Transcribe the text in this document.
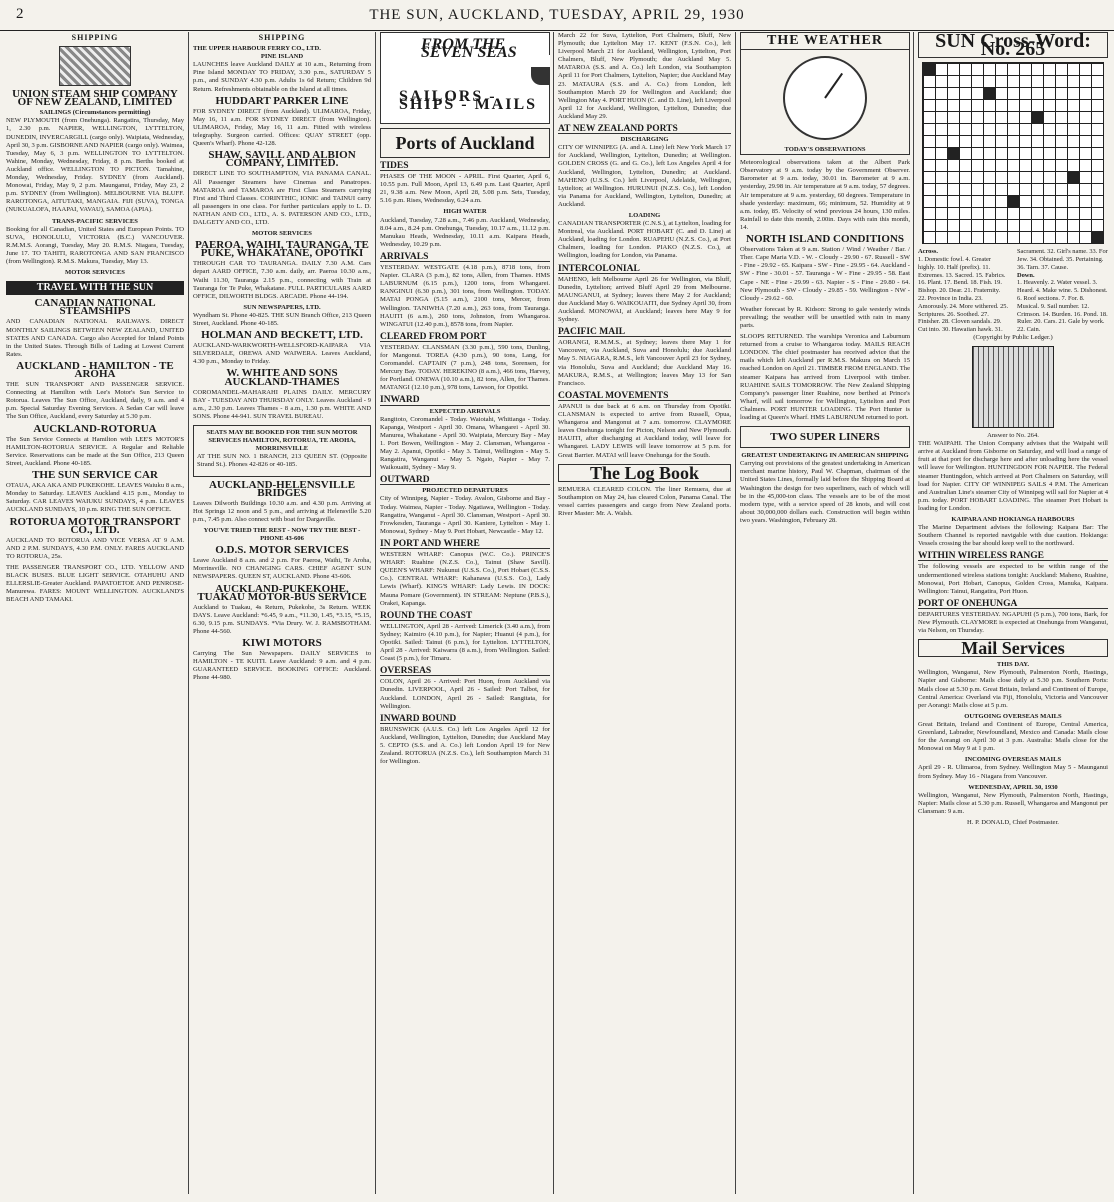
2	THE SUN, AUCKLAND, TUESDAY, APRIL 29, 1930
SHIPPING
UNION STEAM SHIP COMPANY OF NEW ZEALAND, LIMITED
SAILINGS (Circumstances permitting)

NEW PLYMOUTH (from Onehunga). Rangatira, Thursday, May 1, 2.30 p.m. NAPIER, WELLINGTON, LYTTELTON, DUNEDIN, INVERCARGILL (cargo only). Waipiata, Wednesday, April 30, 3 p.m. GISBORNE AND NAPIER (cargo only). Waimea, Tuesday, May 6, 3 p.m. WELLINGTON TO LYTTELTON. Wahine, Monday, Wednesday, Friday, 8 p.m. Berths booked at Auckland office. WELLINGTON TO PICTON. Tamahine, Monday, Wednesday, Friday. SYDNEY (from Auckland). Monowai, Friday, May 9, 2 p.m. Maunganui, Friday, May 23, 2 p.m. SYDNEY (from Wellington). MELBOURNE VIA BLUFF. RAROTONGA, AITUTAKI, MANGAIA. FIJI (SUVA), TONGA (NUKUALOFA, HAAPAI, VAVAU), SAMOA (APIA).

TRANS-PACIFIC SERVICES

Booking for all Canadian, United States and European Points. TO SUVA, HONOLULU, VICTORIA (B.C.) VANCOUVER. R.M.M.S. Aorangi, Tuesday, May 20. R.M.S. Niagara, Tuesday, June 17. TO TAHITI, RAROTONGA AND SAN FRANCISCO (from Wellington). R.M.S. Makura, Tuesday, May 13.

MOTOR SERVICES
TRAVEL WITH THE SUN
CANADIAN NATIONAL STEAMSHIPS

AND CANADIAN NATIONAL RAILWAYS. DIRECT MONTHLY SAILINGS BETWEEN NEW ZEALAND, UNITED STATES AND CANADA. Cargo also Accepted for Inland Points in the United States. Through Bills of Lading at Lowest Current Rates.

AUCKLAND - HAMILTON - TE AROHA

THE SUN TRANSPORT AND PASSENGER SERVICE. Connecting at Hamilton with Lee's Motor's Sun Service to Rotorua. Leaves The Sun Office, Auckland, daily, 9 a.m. and 4 p.m. Special Saturday Evening Services. A Sedan Car will leave The Sun Office, Auckland, every Saturday at 5.30 p.m.

AUCKLAND-ROTORUA

The Sun Service Connects at Hamilton with LEE'S MOTOR'S HAMILTON-ROTORUA SERVICE. A Regular and Reliable Service. Reservations can be made at the Sun Office, 213 Queen Street, Auckland. Phone 40-185.

THE SUN SERVICE CAR

OTAUA, AKA AKA AND PUKEKOHE. LEAVES Waiuku 8 a.m., Monday to Saturday. LEAVES Auckland 4.15 p.m., Monday to Saturday. CAR LEAVES WAIUKU SUNDAYS, 4 p.m. LEAVES AUCKLAND SUNDAYS, 10 p.m. RING THE SUN OFFICE.

ROTORUA MOTOR TRANSPORT CO., LTD.

AUCKLAND TO ROTORUA AND VICE VERSA AT 9 A.M. AND 2 P.M. SUNDAYS, 4.30 P.M. ONLY. FARES AUCKLAND TO ROTORUA, 25s.

THE PASSENGER TRANSPORT CO., LTD. YELLOW AND BLACK BUSES. BLUE LIGHT SERVICE. OTAHUHU AND ELLERSLIE-Greater Auckland. PAPATOETOE AND PENROSE-Manurewa. FARES: MOUNT WELLINGTON. AUCKLAND'S BEACH AND TAMAKI.

SHIPPING
THE UPPER HARBOUR FERRY CO., LTD.
PINE ISLAND

LAUNCHES leave Auckland DAILY at 10 a.m., Returning from Pine Island MONDAY TO FRIDAY, 3.30 p.m., SATURDAY 5 p.m., and SUNDAY 4.30 p.m. Adults 1s 6d Return; Children 9d Return. Refreshments obtainable on the Island at all times.

HUDDART PARKER LINE

FOR SYDNEY DIRECT (from Auckland). ULIMAROA, Friday, May 16, 11 a.m. FOR SYDNEY DIRECT (from Wellington). ULIMAROA, Friday, May 16, 11 a.m. Fitted with wireless telegraphy. Surgeon carried. Offices: QUAY STREET (opp. Queen's Wharf). Phone 42-128.

SHAW, SAVILL AND ALBION COMPANY, LIMITED.

DIRECT LINE TO SOUTHAMPTON, VIA PANAMA CANAL. All Passenger Steamers have Cinemas and Panatropes. MATAROA and TAMAROA are First Class Steamers carrying First and Third Classes. CORINTHIC, IONIC and TAINUI carry all passengers in one class. For further particulars apply to L. D. NATHAN AND CO., LTD., A. S. PATERSON AND CO., LTD., DALGETY AND CO., LTD.

MOTOR SERVICES
PAEROA, WAIHI, TAURANGA, TE PUKE, WHAKATANE, OPOTIKI

THROUGH CAR TO TAURANGA. DAILY 7.30 A.M. Cars depart AARD OFFICE, 7.30 a.m. daily, arr. Paeroa 10.30 a.m., Waihi 11.30, Tauranga 2.15 p.m., connecting with Train at Tauranga for Te Puke, Whakatane. FULL PARTICULARS AARD OFFICE, DILWORTH BLDGS. ARCADE. Phone 44-194.

SUN NEWSPAPERS, LTD.

Wyndham St. Phone 40-825. THE SUN Branch Office, 213 Queen Street, Auckland. Phone 40-185.

HOLMAN AND BECKETT, LTD.

AUCKLAND-WARKWORTH-WELLSFORD-KAIPARA VIA SILVERDALE, OREWA AND WAIWERA. Leaves Auckland, 4.30 p.m., Monday to Friday.

W. WHITE AND SONS AUCKLAND-THAMES

COROMANDEL-MAHARAHI PLAINS DAILY. MERCURY BAY - TUESDAY AND THURSDAY ONLY. Leaves Auckland - 9 a.m., 2.30 p.m. Leaves Thames - 8 a.m., 1.30 p.m. WHITE AND SONS. Phone 44-941. SUN TRAVEL BUREAU.

SEATS MAY BE BOOKED FOR THE SUN MOTOR SERVICES HAMILTON, ROTORUA, TE AROHA, MORRINSVILLE

AT THE SUN NO. 1 BRANCH, 213 QUEEN ST. (Opposite Strand St.). Phones 42-826 or 40-185.

AUCKLAND-HELENSVILLE BRIDGES

Leaves Dilworth Buildings 10.30 a.m. and 4.30 p.m. Arriving at Hot Springs 12 noon and 5 p.m., and arriving at Helensville 5.20 p.m., 7.45 p.m. Also connect with boat for Dargaville.

YOU'VE TRIED THE REST - NOW TRY THE BEST - PHONE 43-606
O.D.S. MOTOR SERVICES

Leave Auckland 8 a.m. and 2 p.m. For Paeroa, Waihi, Te Aroha, Morrinsville. NO CHANGING CARS. CHIEF AGENT SUN NEWSPAPERS. QUEEN ST, AUCKLAND. Phone 43-606.

AUCKLAND-PUKEKOHE, TUAKAU MOTOR-BUS SERVICE

Auckland to Tuakau, 4s Return, Pukekohe, 3s Return. WEEK DAYS. Leave Auckland: *6.45, 9 a.m., *11.30, 1.45, *3.15, *5.15, 6.30, 9.15 p.m. SUNDAYS. *Via Drury. W. J. RAMSBOTHAM. Phone 44-560.

KIWI MOTORS

Carrying The Sun Newspapers. DAILY SERVICES to HAMILTON - TE KUITI. Leave Auckland: 9 a.m. and 4 p.m. GUARANTEED SERVICE. BOOKING OFFICE: Auckland. Phone 44-980.

FROM THE SEVEN SEAS
SAILORS - SHIPS - MAILS
Ports of Auckland
TIDES

PHASES OF THE MOON - APRIL. First Quarter, April 6, 10.55 p.m. Full Moon, April 13, 6.49 p.m. Last Quarter, April 21, 9.38 a.m. New Moon, April 28, 5.08 p.m. Sets, Tuesday, 5.16 p.m. Rises, Wednesday, 6.24 a.m.

HIGH WATER

Auckland, Tuesday, 7.28 a.m., 7.46 p.m. Auckland, Wednesday, 8.04 a.m., 8.24 p.m. Onehunga, Tuesday, 10.17 a.m., 11.12 p.m. Manukau Heads, Wednesday, 10.11 a.m. Kaipara Heads, Wednesday, 10.29 p.m.

ARRIVALS

YESTERDAY. WESTGATE (4.18 p.m.), 8718 tons, from Napier. CLARA (3 p.m.), 82 tons, Allen, from Thames. HMS LABURNUM (6.15 p.m.), 1200 tons, from Whangarei. RANGINUI (6.30 p.m.), 301 tons, from Wellington. TODAY. MATAI PONGA (5.15 a.m.), 2100 tons, Mercer, from Wellington. TANIWHA (7.20 a.m.), 263 tons, from Tauranga. HAUITI (6 a.m.), 260 tons, Johnston, from Whangaroa. WINGATUI (12.40 p.m.), 8578 tons, from Napier.

CLEARED FROM PORT

YESTERDAY. CLANSMAN (3.30 p.m.), 590 tons, Dunling, for Mangonui. TOREA (4.30 p.m.), 90 tons, Lang, for Coromandel. CAPTAIN (7 p.m.), 248 tons, Sorensen, for Mercury Bay. TODAY. HEREKINO (8 a.m.), 466 tons, Harvey, for Portland. ONEWA (10.10 a.m.), 82 tons, Allen, for Thames. MATANGI (12.10 p.m.), 978 tons, Lawson, for Opotiki.

INWARD
EXPECTED ARRIVALS

Rangitoto, Coromandel - Today. Waiotahi, Whitianga - Today. Kapanga, Westport - April 30. Omana, Whangarei - April 30. Manurea, Whakatane - April 30. Waipiata, Mercury Bay - May 1. Port Bowen, Wellington - May 2. Clansman, Whangaroa - May 2. Apanui, Opotiki - May 3. Tainui, Wellington - May 5. Rangatira, Wanganui - May 5. Ngaio, Napier - May 7. Waikouaiti, Sydney - May 9.

OUTWARD
PROJECTED DEPARTURES

City of Winnipeg, Napier - Today. Avalon, Gisborne and Bay - Today. Waimea, Napier - Today. Ngatiawa, Wellington - Today. Rangatira, Wanganui - April 30. Clansman, Westport - April 30. Frowkesden, Tauranga - April 30. Kaniere, Lyttelton - May 1. Monowai, Sydney - May 9. Port Hobart, Newcastle - May 12.

IN PORT AND WHERE

WESTERN WHARF: Canopus (W.C. Co.). PRINCE'S WHARF: Ruahine (N.Z.S. Co.), Tainui (Shaw Savill). QUEEN'S WHARF: Nukunui (U.S.S. Co.), Port Hobart (C.S.S. Co.). CENTRAL WHARF: Kahanawa (U.S.S. Co.), Lady Lewis (Wharf). KING'S WHARF: Lady Lewis. IN DOCK: Mauna Pomare (Government). IN STREAM: Neptune (P.B.S.), Orakei, Kapanga.

ROUND THE COAST

WELLINGTON, April 28 - Arrived: Limerick (3.40 a.m.), from Sydney; Kaimiro (4.10 p.m.), for Napier; Huanui (4 p.m.), for Opotiki. Sailed: Tainui (6 p.m.), for Lyttelton. LYTTELTON, April 28 - Arrived: Kaiwarra (8 a.m.), from Wellington. Sailed: Coast (5 p.m.), for Timaru.

OVERSEAS

COLON, April 26 - Arrived: Port Huon, from Auckland via Dunedin. LIVERPOOL, April 26 - Sailed: Port Talbot, for Auckland. LONDON, April 26 - Sailed: Rangitata, for Wellington.

INWARD BOUND

BRUNSWICK (A.U.S. Co.) left Los Angeles April 12 for Auckland, Wellington, Lyttelton, Dunedin; due Auckland May 5. CEPTO (S.S. and A. Co.) left London April 19 for New Zealand. ROTORUA (N.Z.S. Co.), left Southampton March 31 for Wellington.

March 22 for Suva, Lyttelton, Port Chalmers, Bluff, New Plymouth; due Lyttelton May 17. KENT (F.S.N. Co.), left Liverpool March 21 for Auckland, Wellington, Lyttelton, Port Chalmers, Bluff, New Plymouth; due Auckland May 5. MATAROA (S.S. and A. Co.) left London, via Southampton April 11 for Port Chalmers, Lyttelton, Napier; due Auckland May 23. MATAURA (S.S. and A. Co.) from London, left Southampton March 29 for Wellington and Auckland; due Wellington May 4. PORT HUON (C. and D. Line), left Liverpool April 12 for Auckland, Wellington, Lyttelton, Dunedin; due Auckland May 29.

AT NEW ZEALAND PORTS
DISCHARGING

CITY OF WINNIPEG (A. and A. Line) left New York March 17 for Auckland, Wellington, Lyttelton, Dunedin; at Wellington. GOLDEN CROSS (G. and G. Co.), left Los Angeles April 4 for Auckland, Wellington, Lyttelton, Dunedin; at Auckland. MAHENO (U.S.S. Co.) left Liverpool, Adelaide, Wellington, Lyttelton; at Wellington. HURUNUI (N.Z.S. Co.), left London via Panama for Auckland, Wellington, Lyttelton, Dunedin; at Auckland.

LOADING

CANADIAN TRANSPORTER (C.N.S.), at Lyttelton, loading for Montreal, via Auckland. PORT HOBART (C. and D. Line) at Auckland, loading for London. RUAPEHU (N.Z.S. Co.), at Port Chalmers, loading for London. PIAKO (N.Z.S. Co.), at Wellington, loading for London, via Panama.

INTERCOLONIAL

MAHENO, left Melbourne April 26 for Wellington, via Bluff, Dunedin, Lyttelton; arrived Bluff April 29 from Melbourne. MAUNGANUI, at Sydney; leaves there May 2 for Auckland; due Auckland May 6. WAIKOUAITI, due Sydney April 30, from Auckland. MONOWAI, at Auckland; leaves here May 9 for Sydney.

PACIFIC MAIL

AORANGI, R.M.M.S., at Sydney; leaves there May 1 for Vancouver, via Auckland, Suva and Honolulu; due Auckland May 5. NIAGARA, R.M.S., left Vancouver April 23 for Sydney, via Honolulu, Suva and Auckland; due Auckland May 16. MAKURA, R.M.S., at Wellington; leaves May 13 for San Francisco.

COASTAL MOVEMENTS

APANUI is due back at 6 a.m. on Thursday from Opotiki. CLANSMAN is expected to arrive from Russell, Opua, Whangaroa and Mangonui at 7 a.m. tomorrow. CLAYMORE leaves Onehunga tonight for Picton, Nelson and New Plymouth. HAUITI, after discharging at Auckland today, will leave for Whangarei. LADY LEWIS will leave tomorrow at 5 p.m. for Great Barrier. MATAI will leave Onehunga for the South.

The Log Book

REMUERA CLEARED COLON. The liner Remuera, due at Southampton on May 24, has cleared Colon, Panama Canal. The vessel carries passengers and cargo from New Zealand ports. River Master: Mr. A. Walsh.

THE WEATHER
TODAY'S OBSERVATIONS

Meteorological observations taken at the Albert Park Observatory at 9 a.m. today by the Government Observer. Barometer at 9 a.m. today, 30.01 in. Barometer at 9 a.m. yesterday, 29.98 in. Air temperature at 9 a.m. today, 57 degrees. Air temperature at 9 a.m. yesterday, 60 degrees. Temperature in shade yesterday: maximum, 66; minimum, 52. Humidity at 9 a.m. today, 85. Velocity of wind previous 24 hours, 130 miles. Rainfall to date this month, 2.00in. Days with rain this month, 14.

NORTH ISLAND CONDITIONS

Observations Taken at 9 a.m. Station / Wind / Weather / Bar. / Ther. Cape Maria V.D. - W. - Cloudy - 29.90 - 67. Russell - SW - Fine - 29.92 - 65. Kaipara - SW - Fine - 29.95 - 64. Auckland - SW - Fine - 30.01 - 57. Tauranga - W - Fine - 29.95 - 58. East Cape - NE - Fine - 29.99 - 63. Napier - S - Fine - 29.80 - 64. New Plymouth - SW - Cloudy - 29.85 - 59. Wellington - NW - Cloudy - 29.62 - 60.

Weather forecast by R. Kidson: Strong to gale westerly winds prevailing; the weather will be unsettled with rain in many parts.

SLOOPS RETURNED. The warships Veronica and Laburnum returned from a cruise to Whangaroa today. MAILS REACH LONDON. The chief postmaster has received advice that the mails which left Auckland per R.M.S. Makura on March 15 reached London on April 21. TIMBER FROM ENGLAND. The steamer Kaipara has arrived from Liverpool with timber. RUAHINE SAILS TOMORROW. The New Zealand Shipping Company's passenger liner Ruahine, now berthed at Prince's Wharf, will sail tomorrow for Wellington, Lyttelton and Port Chalmers. PORT HUNTER LOADING. The Port Hunter is loading at Queen's Wharf. HMS LABURNUM returned to port.

TWO SUPER LINERS
GREATEST UNDERTAKING IN AMERICAN SHIPPING

Carrying out provisions of the greatest undertaking in American merchant marine history, Paul W. Chapman, chairman of the United States Lines, formally laid before the Shipping Board at Washington the design for two superliners, each of which will be in the 45,000-ton class. The vessels are to be of the most modern type, with a service speed of 28 knots, and will cost about 30,000,000 dollars each. Construction will begin within two years. Washington, February 28.

SUN Cross-Word: No. 265
Across.
1. Domestic fowl. 4. Greater highly. 10. Half (prefix). 11. Extremes. 13. Sacred. 15. Fabrics. 16. Plant. 17. Bend. 18. Fish. 19. Bishop. 20. Dear. 21. Fraternity. 22. Province in India. 23. Amorously. 24. More withered. 25. Scriptures. 26. Soothed. 27. Finisher. 28. Cloven sandals. 29. Cut into. 30. Hawaiian hawk. 31. Sacrament. 32. Girl's name. 33. For Jew. 34. Obtained. 35. Pertaining. 36. Tarn. 37. Cause.
Down.
1. Heavenly. 2. Water vessel. 3. Heard. 4. Make wine. 5. Dishonest. 6. Roof sections. 7. For. 8. Musical. 9. Sail number. 12. Crimson. 14. Burden. 16. Pond. 18. Ruler. 20. Cars. 21. Gale by work. 22. Cain.
(Copyright by Public Ledger.)
Answer to No. 264.

THE WAIPAHI. The Union Company advises that the Waipahi will arrive at Auckland from Gisborne on Saturday, and will load a range of fruit at that port for discharge here and after unloading here the vessel will leave for Wellington. HUNTINGDON FOR NAPIER. The Federal steamer Huntingdon, which arrived at Port Chalmers on Saturday, will load for Napier. CITY OF WINNIPEG SAILS 4 P.M. The American and Australian Line's steamer City of Winnipeg will sail for Napier at 4 p.m. today. PORT HOBART LOADING. The steamer Port Hobart is loading for London.

KAIPARA AND HOKIANGA HARBOURS

The Marine Department advises the following: Kaipara Bar: The Southern Channel is reported navigable with due caution. Hokianga: Vessels crossing the bar should keep well to the northward.

WITHIN WIRELESS RANGE

The following vessels are expected to be within range of the undermentioned wireless stations tonight: Auckland: Maheno, Ruahine, Monowai, Port Hobart, Canopus, Golden Cross, Manuka, Kaipara. Wellington: Tainui, Rangatira, Port Huon.

PORT OF ONEHUNGA

DEPARTURES YESTERDAY. NGAPUHI (5 p.m.), 700 tons, Bark, for New Plymouth. CLAYMORE is expected at Onehunga from Wanganui, via Nelson, on Thursday.

Mail Services
THIS DAY.

Wellington, Wanganui, New Plymouth, Palmerston North, Hastings, Napier and Gisborne: Mails close daily at 5.30 p.m. Southern Ports: Mails close at 5.30 p.m. Great Britain, Ireland and Continent of Europe, Central America: Overland via Fiji, Honolulu, Victoria and Vancouver per Aorangi: Mails close at 5 p.m.

OUTGOING OVERSEAS MAILS

Great Britain, Ireland and Continent of Europe, Central America, Greenland, Labrador, Newfoundland, Mexico and Canada: Mails close for the Aorangi on April 30 at 3 p.m. Australia: Mails close for the Monowai on May 9 at 1 p.m.

INCOMING OVERSEAS MAILS

April 29 - R. Ulimaroa, from Sydney. Wellington May 5 - Maunganui from Sydney. May 16 - Niagara from Vancouver.

WEDNESDAY, APRIL 30, 1930

Wellington, Wanganui, New Plymouth, Palmerston North, Hastings, Napier: Mails close at 5.30 p.m. Russell, Whangaroa and Mangonui per Clansman: 9 a.m.

H. P. DONALD, Chief Postmaster.
